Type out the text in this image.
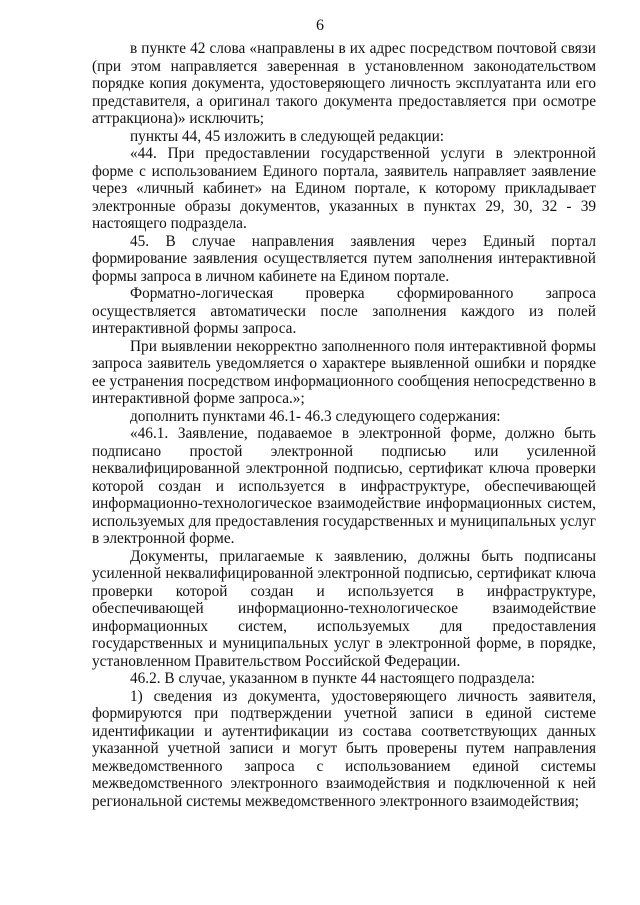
6

в пункте 42 слова «направлены в их адрес посредством почтовой связи (при этом направляется заверенная в установленном законодательством порядке копия документа, удостоверяющего личность эксплуатанта или его представителя, а оригинал такого документа предоставляется при осмотре аттракциона)» исключить;

пункты 44, 45 изложить в следующей редакции:

«44. При предоставлении государственной услуги в электронной форме с использованием Единого портала, заявитель направляет заявление через «личный кабинет» на Едином портале, к которому прикладывает электронные образы документов, указанных в пунктах 29, 30, 32 - 39 настоящего подраздела.

45. В случае направления заявления через Единый портал формирование заявления осуществляется путем заполнения интерактивной формы запроса в личном кабинете на Едином портале.

Форматно-логическая проверка сформированного запроса осуществляется автоматически после заполнения каждого из полей интерактивной формы запроса.

При выявлении некорректно заполненного поля интерактивной формы запроса заявитель уведомляется о характере выявленной ошибки и порядке ее устранения посредством информационного сообщения непосредственно в интерактивной форме запроса.»;

дополнить пунктами 46.1- 46.3 следующего содержания:

«46.1. Заявление, подаваемое в электронной форме, должно быть подписано простой электронной подписью или усиленной неквалифицированной электронной подписью, сертификат ключа проверки которой создан и используется в инфраструктуре, обеспечивающей информационно-технологическое взаимодействие информационных систем, используемых для предоставления государственных и муниципальных услуг в электронной форме.

Документы, прилагаемые к заявлению, должны быть подписаны усиленной неквалифицированной электронной подписью, сертификат ключа проверки которой создан и используется в инфраструктуре, обеспечивающей информационно-технологическое взаимодействие информационных систем, используемых для предоставления государственных и муниципальных услуг в электронной форме, в порядке, установленном Правительством Российской Федерации.

46.2. В случае, указанном в пункте 44 настоящего подраздела:

1) сведения из документа, удостоверяющего личность заявителя, формируются при подтверждении учетной записи в единой системе идентификации и аутентификации из состава соответствующих данных указанной учетной записи и могут быть проверены путем направления межведомственного запроса с использованием единой системы межведомственного электронного взаимодействия и подключенной к ней региональной системы межведомственного электронного взаимодействия;
